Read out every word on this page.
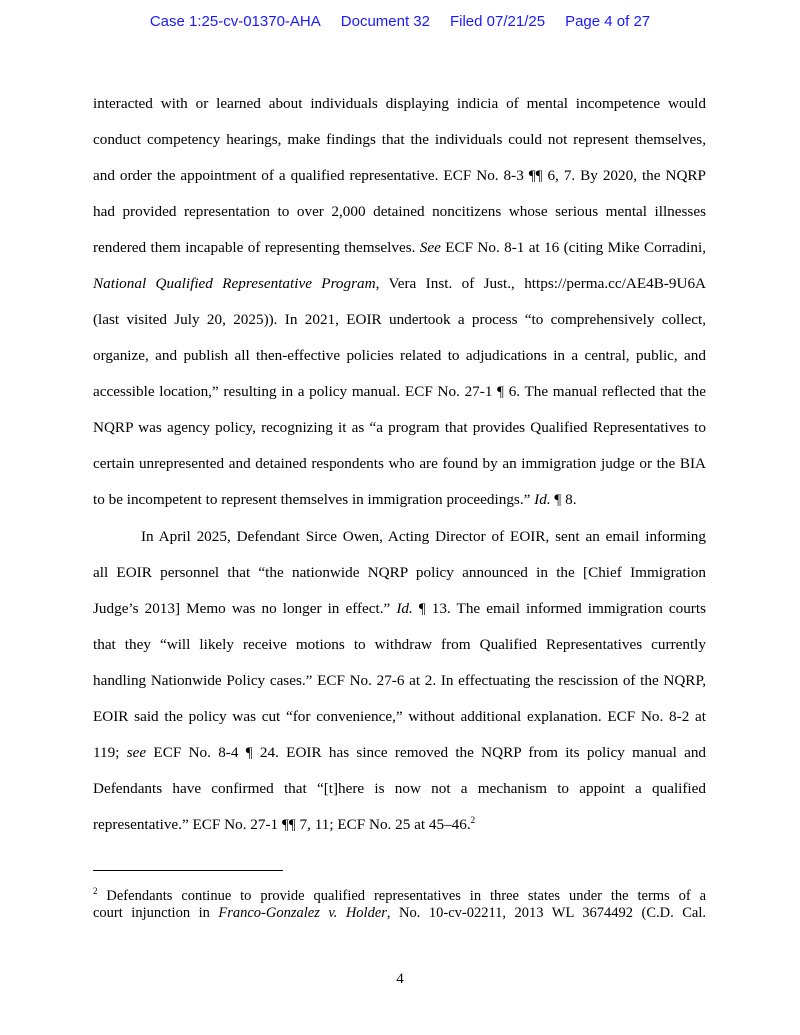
Case 1:25-cv-01370-AHA Document 32 Filed 07/21/25 Page 4 of 27
interacted with or learned about individuals displaying indicia of mental incompetence would
conduct competency hearings, make findings that the individuals could not represent themselves,
and order the appointment of a qualified representative. ECF No. 8-3 ¶¶ 6, 7. By 2020, the NQRP
had provided representation to over 2,000 detained noncitizens whose serious mental illnesses
rendered them incapable of representing themselves. See ECF No. 8-1 at 16 (citing Mike Corradini,
National Qualified Representative Program, Vera Inst. of Just., https://perma.cc/AE4B-9U6A
(last visited July 20, 2025)). In 2021, EOIR undertook a process “to comprehensively collect,
organize, and publish all then-effective policies related to adjudications in a central, public, and
accessible location,” resulting in a policy manual. ECF No. 27-1 ¶ 6. The manual reflected that the
NQRP was agency policy, recognizing it as “a program that provides Qualified Representatives to
certain unrepresented and detained respondents who are found by an immigration judge or the BIA
to be incompetent to represent themselves in immigration proceedings.” Id. ¶ 8.
In April 2025, Defendant Sirce Owen, Acting Director of EOIR, sent an email informing
all EOIR personnel that “the nationwide NQRP policy announced in the [Chief Immigration
Judge’s 2013] Memo was no longer in effect.” Id. ¶ 13. The email informed immigration courts
that they “will likely receive motions to withdraw from Qualified Representatives currently
handling Nationwide Policy cases.” ECF No. 27-6 at 2. In effectuating the rescission of the NQRP,
EOIR said the policy was cut “for convenience,” without additional explanation. ECF No. 8-2 at
119; see ECF No. 8-4 ¶ 24. EOIR has since removed the NQRP from its policy manual and
Defendants have confirmed that “[t]here is now not a mechanism to appoint a qualified
representative.” ECF No. 27-1 ¶¶ 7, 11; ECF No. 25 at 45–46.$^2$
$^2$ Defendants continue to provide qualified representatives in three states under the terms of a
court injunction in Franco-Gonzalez v. Holder, No. 10-cv-02211, 2013 WL 3674492 (C.D. Cal.
4
